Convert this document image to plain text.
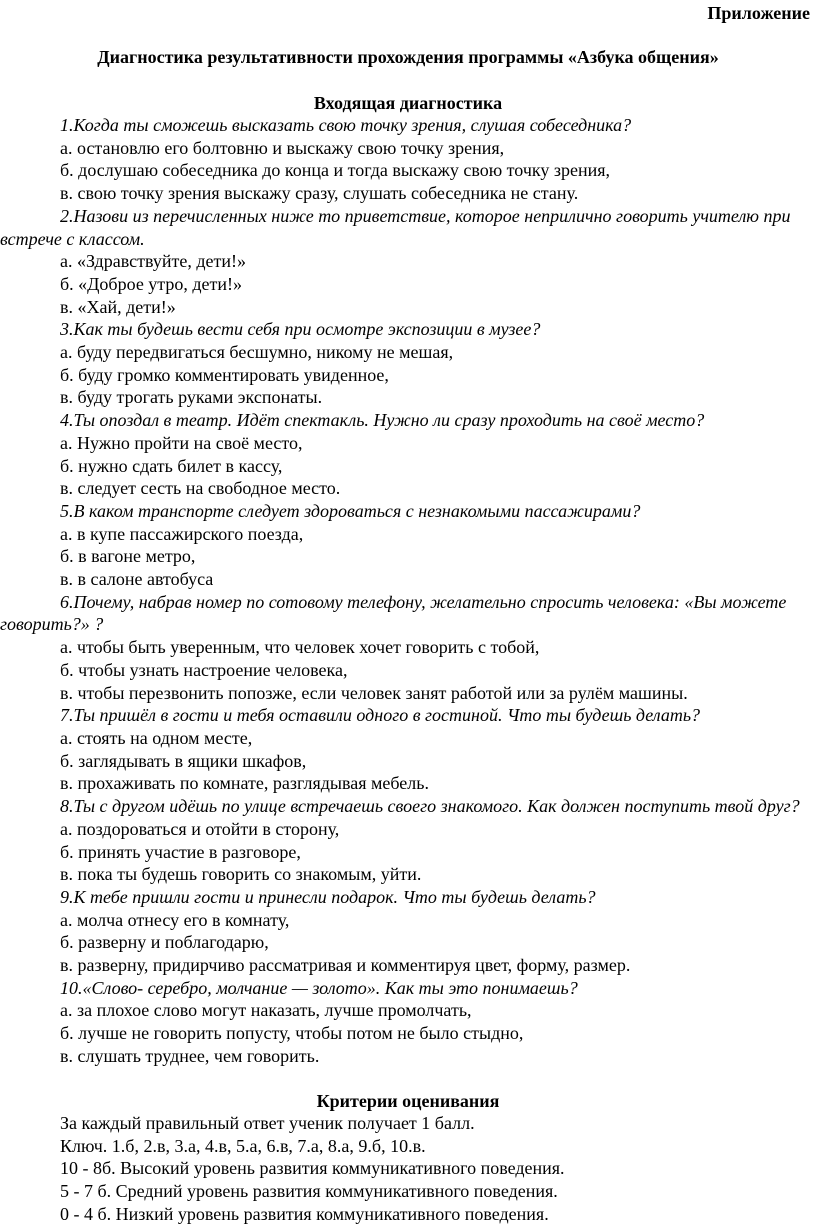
Приложение
Диагностика результативности прохождения программы «Азбука общения»
Входящая диагностика
1.Когда ты сможешь высказать свою точку зрения, слушая собеседника?
а. остановлю его болтовню и выскажу свою точку зрения,
б. дослушаю собеседника до конца и тогда выскажу свою точку зрения,
в. свою точку зрения выскажу сразу, слушать собеседника не стану.
2.Назови из перечисленных ниже то приветствие, которое неприлично говорить учителю при встрече с классом.
а. «Здравствуйте, дети!»
б. «Доброе утро, дети!»
в. «Хай, дети!»
3.Как ты будешь вести себя при осмотре экспозиции в музее?
а. буду передвигаться бесшумно, никому не мешая,
б. буду громко комментировать увиденное,
в. буду трогать руками экспонаты.
4.Ты опоздал в театр. Идёт спектакль. Нужно ли сразу проходить на своё место?
а. Нужно пройти на своё место,
б. нужно сдать билет в кассу,
в. следует сесть на свободное место.
5.В каком транспорте следует здороваться с незнакомыми пассажирами?
а. в купе пассажирского поезда,
б. в вагоне метро,
в. в салоне автобуса
6.Почему, набрав номер по сотовому телефону, желательно спросить человека: «Вы можете говорить?» ?
а. чтобы быть уверенным, что человек хочет говорить с тобой,
б. чтобы узнать настроение человека,
в. чтобы перезвонить попозже, если человек занят работой или за рулём машины.
7.Ты пришёл в гости и тебя оставили одного в гостиной. Что ты будешь делать?
а. стоять на одном месте,
б. заглядывать в ящики шкафов,
в. прохаживать по комнате, разглядывая мебель.
8.Ты с другом идёшь по улице встречаешь своего знакомого. Как должен поступить твой друг?
а. поздороваться и отойти в сторону,
б. принять участие в разговоре,
в. пока ты будешь говорить со знакомым, уйти.
9.К тебе пришли гости и принесли подарок. Что ты будешь делать?
а. молча отнесу его в комнату,
б. разверну и поблагодарю,
в. разверну, придирчиво рассматривая и комментируя цвет, форму, размер.
10.«Слово- серебро, молчание — золото». Как ты это понимаешь?
а. за плохое слово могут наказать, лучше промолчать,
б. лучше не говорить попусту, чтобы потом не было стыдно,
в. слушать труднее, чем говорить.
Критерии оценивания
За каждый правильный ответ ученик получает 1 балл.
Ключ. 1.б, 2.в, 3.а, 4.в, 5.а, 6.в, 7.а, 8.а, 9.б, 10.в.
10 - 8б. Высокий уровень развития коммуникативного поведения.
5 - 7 б. Средний уровень развития коммуникативного поведения.
0 - 4 б. Низкий уровень развития коммуникативного поведения.
